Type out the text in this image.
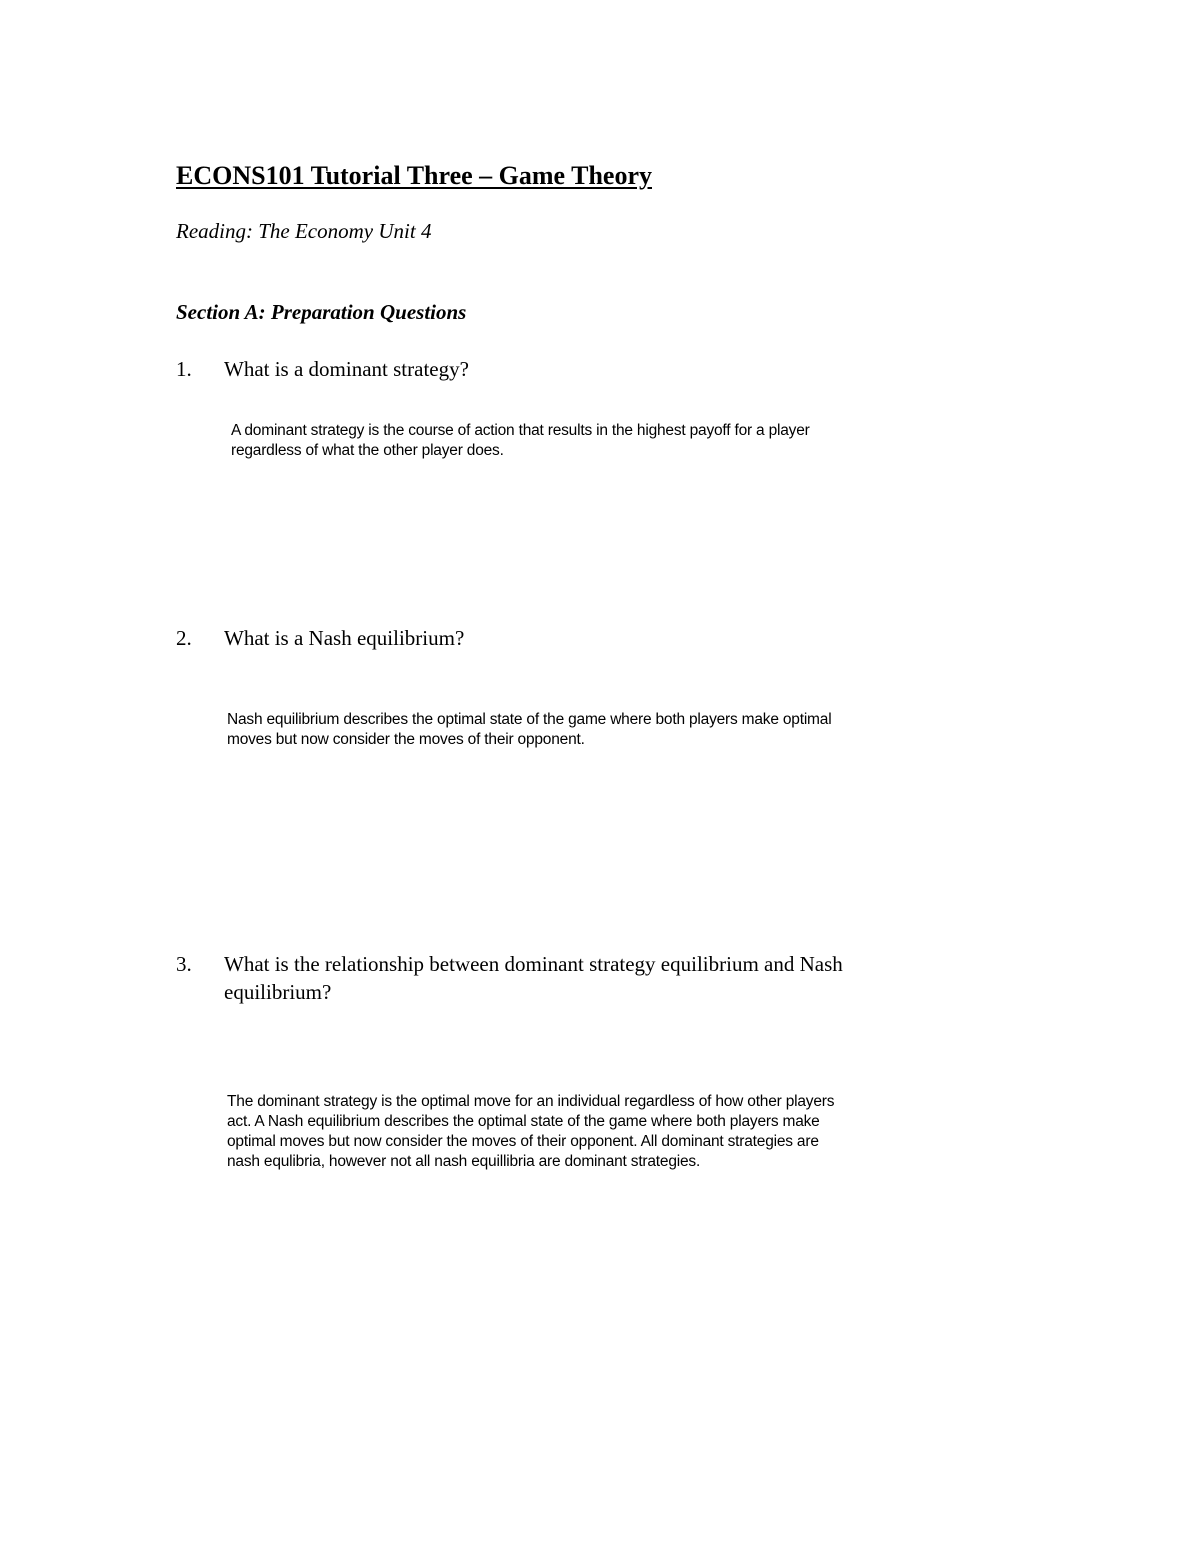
ECONS101 Tutorial Three – Game Theory
Reading: The Economy Unit 4
Section A: Preparation Questions
1.	What is a dominant strategy?
A dominant strategy is the course of action that results in the highest payoff for a player regardless of what the other player does.
2.	What is a Nash equilibrium?
Nash equilibrium describes the optimal state of the game where both players make optimal moves but now consider the moves of their opponent.
3.	What is the relationship between dominant strategy equilibrium and Nash equilibrium?
The dominant strategy is the optimal move for an individual regardless of how other players act. A Nash equilibrium describes the optimal state of the game where both players make optimal moves but now consider the moves of their opponent. All dominant strategies are nash equlibria, however not all nash equillibria are dominant strategies.
